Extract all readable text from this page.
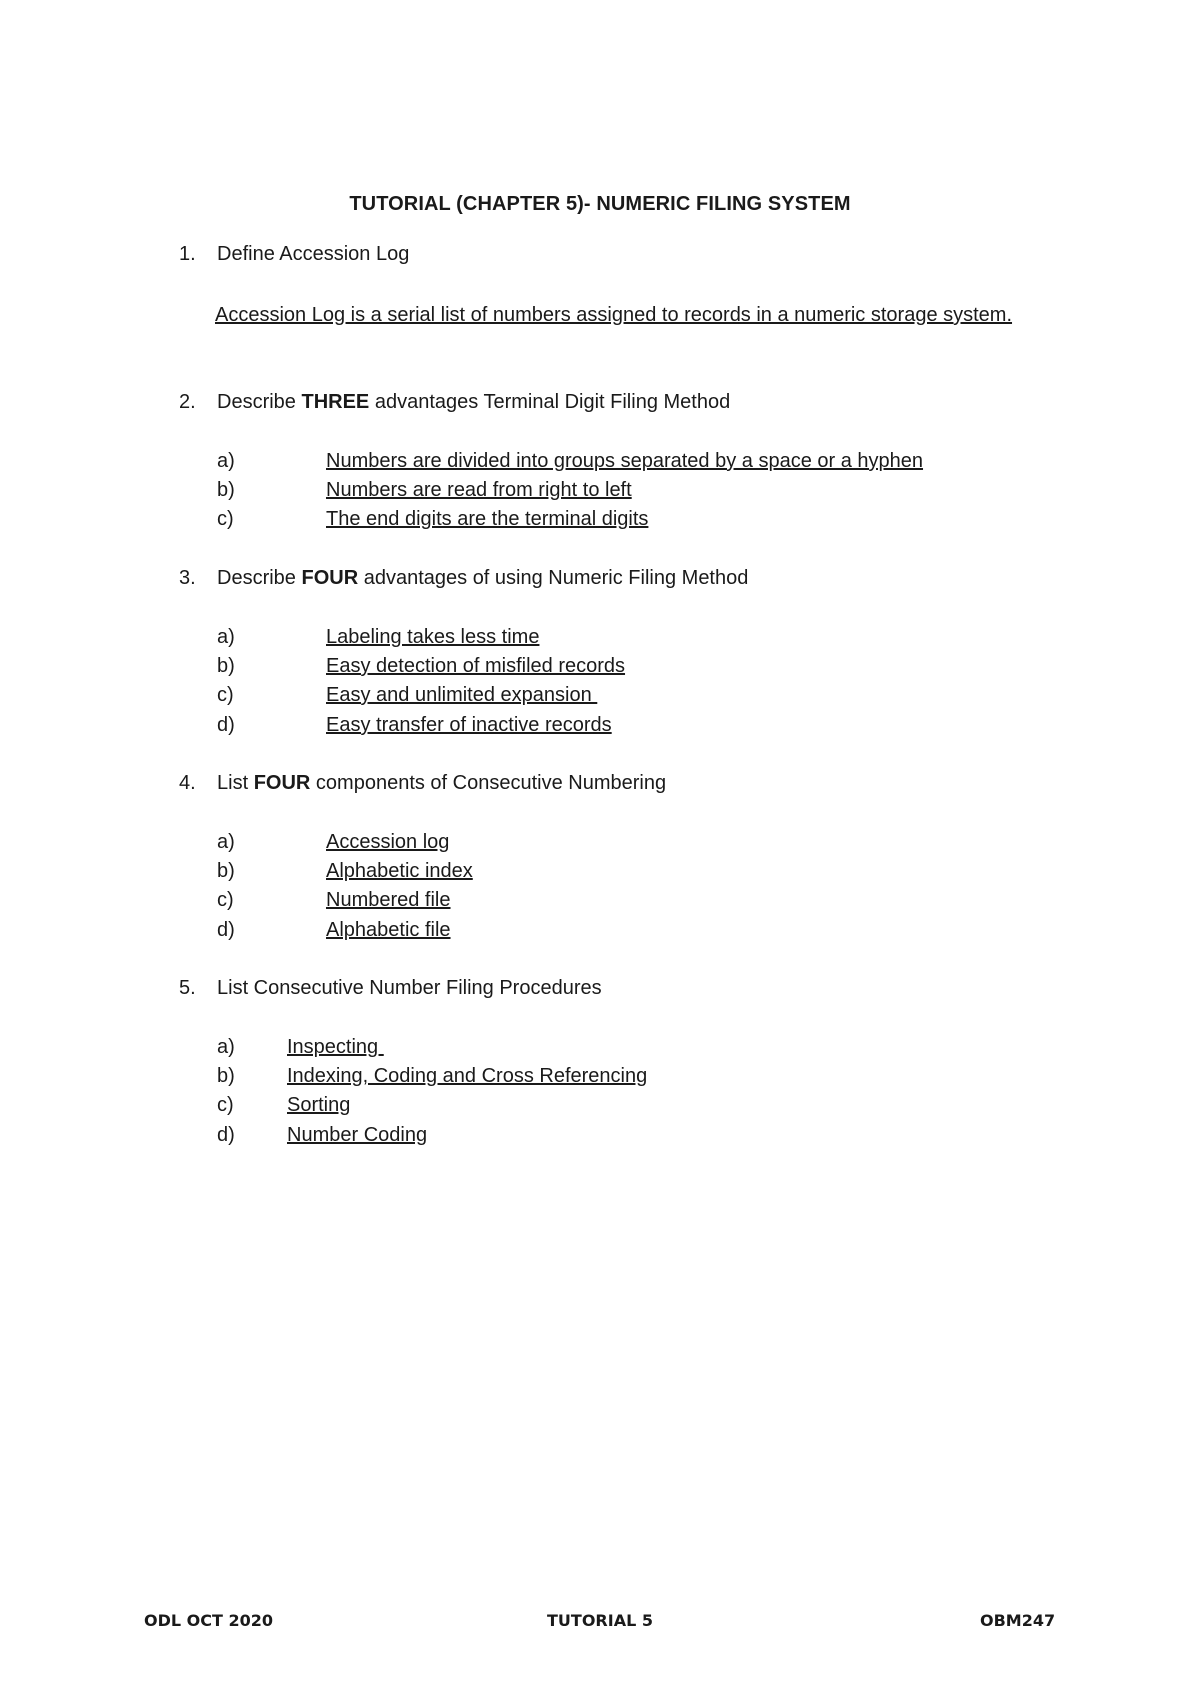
TUTORIAL (CHAPTER 5)- NUMERIC FILING SYSTEM
1. Define Accession Log
Accession Log is a serial list of numbers assigned to records in a numeric storage system.
2. Describe THREE advantages Terminal Digit Filing Method
a)	Numbers are divided into groups separated by a space or a hyphen
b)	Numbers are read from right to left
c)	The end digits are the terminal digits
3. Describe FOUR advantages of using Numeric Filing Method
a)	Labeling takes less time
b)	Easy detection of misfiled records
c)	Easy and unlimited expansion
d)	Easy transfer of inactive records
4. List FOUR components of Consecutive Numbering
a)	Accession log
b)	Alphabetic index
c)	Numbered file
d)	Alphabetic file
5. List Consecutive Number Filing Procedures
a)	Inspecting
b)	Indexing, Coding and Cross Referencing
c)	Sorting
d)	Number Coding
ODL OCT 2020	TUTORIAL 5	OBM247
